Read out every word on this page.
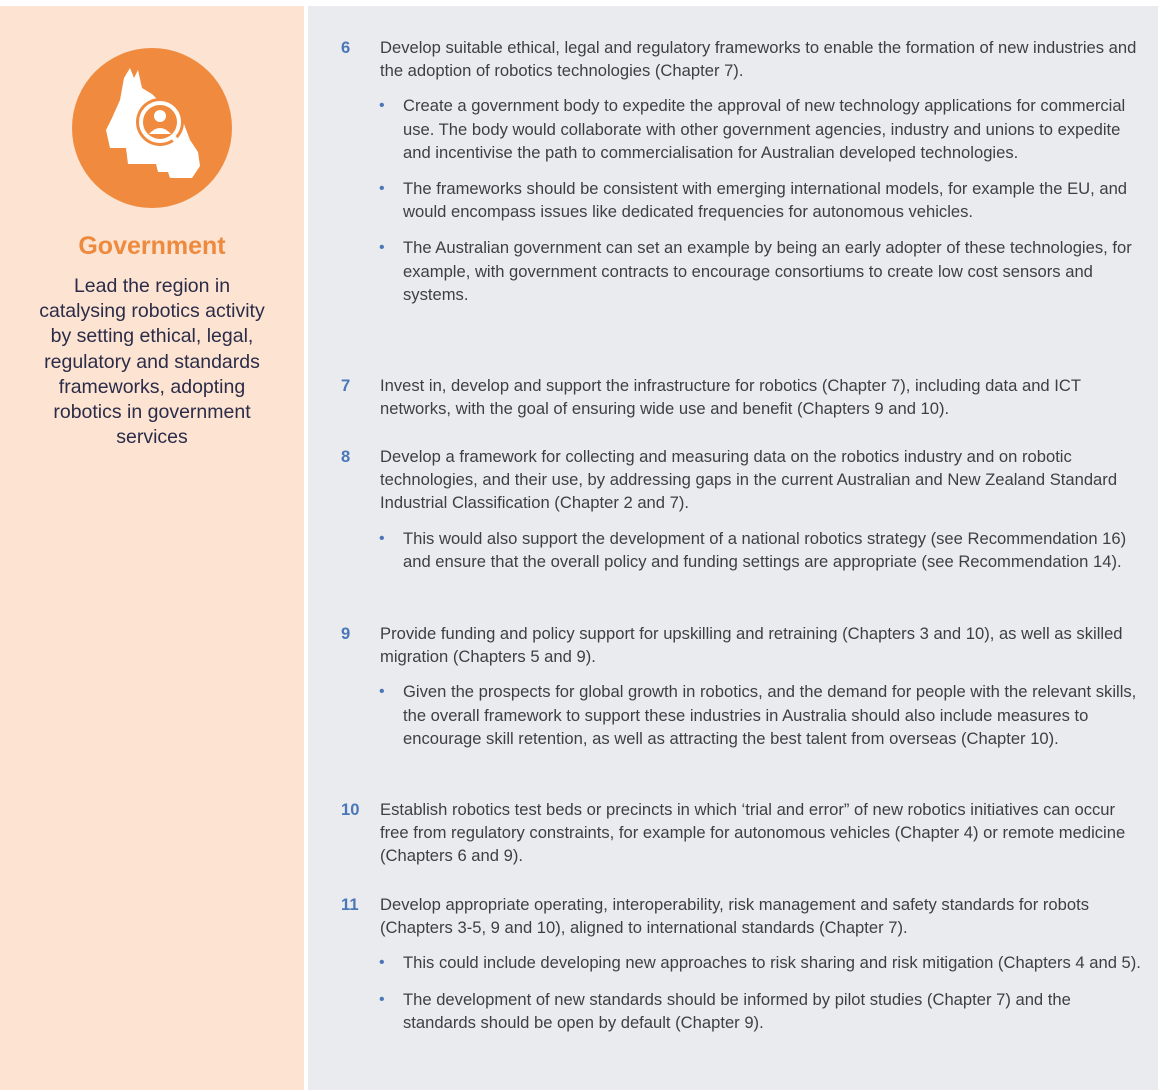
Government

Lead the region in catalysing robotics activity by setting ethical, legal, regulatory and standards frameworks, adopting robotics in government services

6	Develop suitable ethical, legal and regulatory frameworks to enable the formation of new industries and the adoption of robotics technologies (Chapter 7).
• Create a government body to expedite the approval of new technology applications for commercial use. The body would collaborate with other government agencies, industry and unions to expedite and incentivise the path to commercialisation for Australian developed technologies.
• The frameworks should be consistent with emerging international models, for example the EU, and would encompass issues like dedicated frequencies for autonomous vehicles.
• The Australian government can set an example by being an early adopter of these technologies, for example, with government contracts to encourage consortiums to create low cost sensors and systems.
7	Invest in, develop and support the infrastructure for robotics (Chapter 7), including data and ICT networks, with the goal of ensuring wide use and benefit (Chapters 9 and 10).
8	Develop a framework for collecting and measuring data on the robotics industry and on robotic technologies, and their use, by addressing gaps in the current Australian and New Zealand Standard Industrial Classification (Chapter 2 and 7).
• This would also support the development of a national robotics strategy (see Recommendation 16) and ensure that the overall policy and funding settings are appropriate (see Recommendation 14).
9	Provide funding and policy support for upskilling and retraining (Chapters 3 and 10), as well as skilled migration (Chapters 5 and 9).
• Given the prospects for global growth in robotics, and the demand for people with the relevant skills, the overall framework to support these industries in Australia should also include measures to encourage skill retention, as well as attracting the best talent from overseas (Chapter 10).
10	Establish robotics test beds or precincts in which ‘trial and error” of new robotics initiatives can occur free from regulatory constraints, for example for autonomous vehicles (Chapter 4) or remote medicine (Chapters 6 and 9).
11	Develop appropriate operating, interoperability, risk management and safety standards for robots (Chapters 3-5, 9 and 10), aligned to international standards (Chapter 7).
• This could include developing new approaches to risk sharing and risk mitigation (Chapters 4 and 5).
• The development of new standards should be informed by pilot studies (Chapter 7) and the standards should be open by default (Chapter 9).
